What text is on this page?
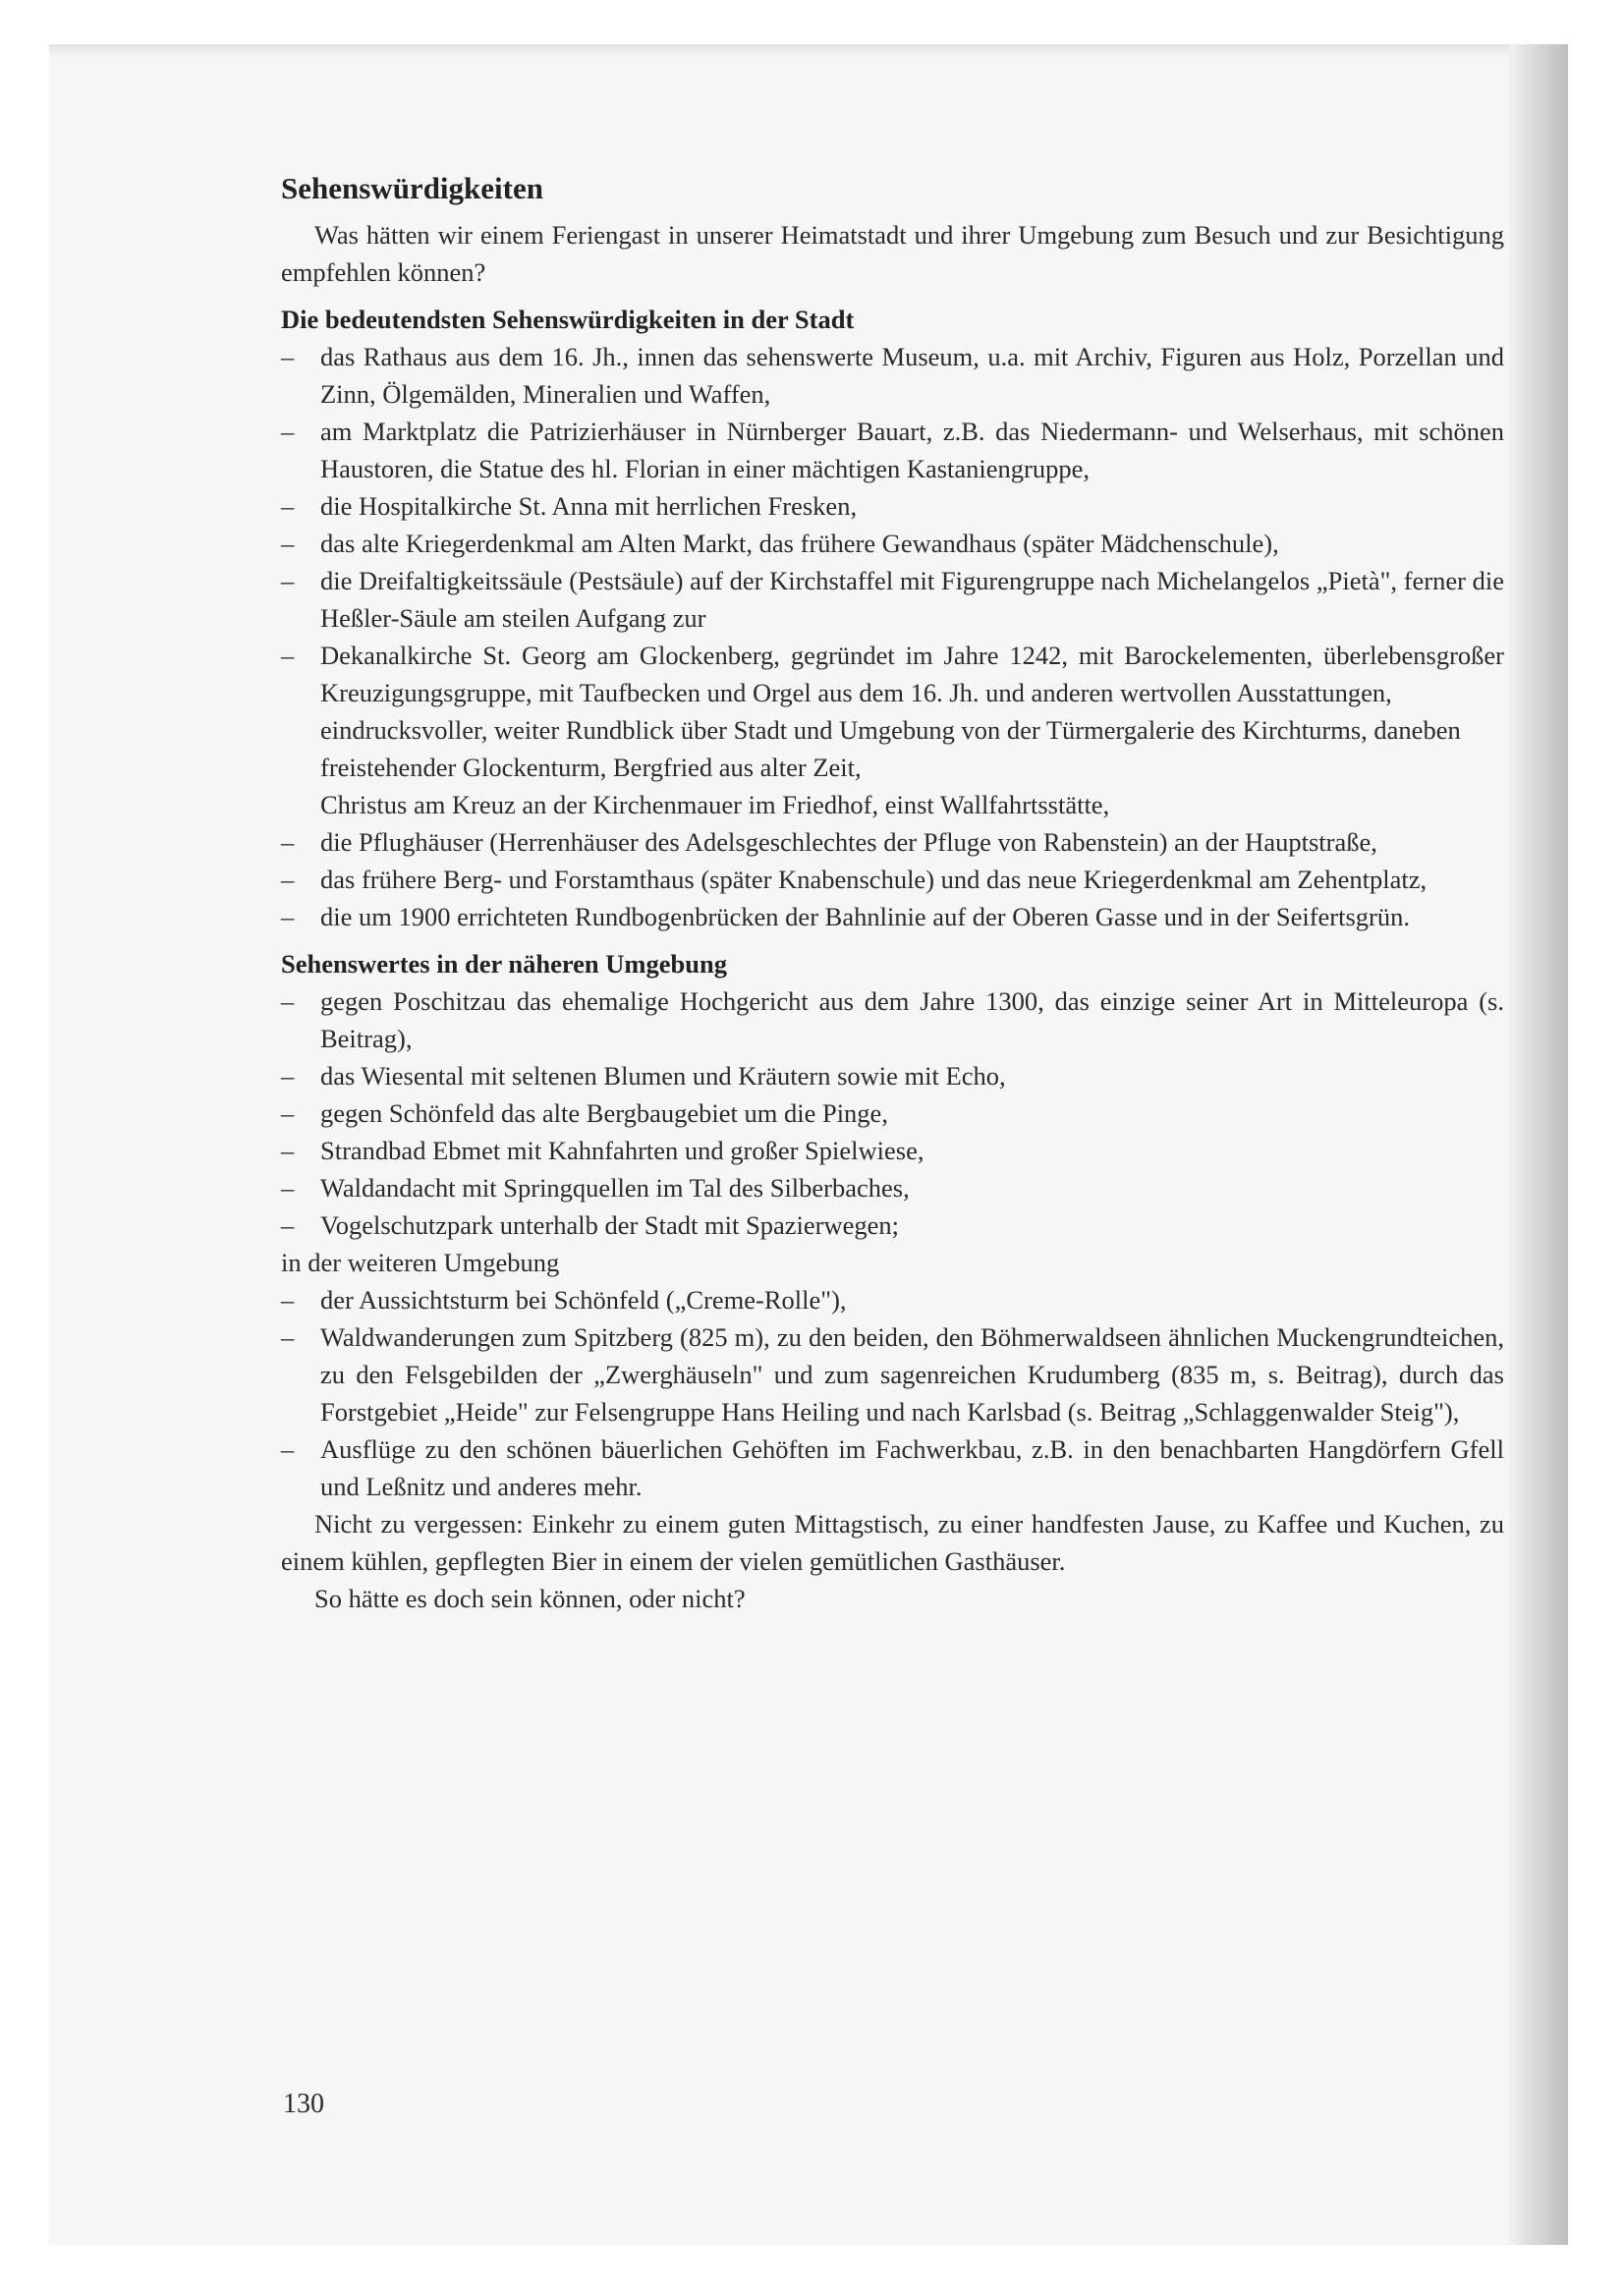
Sehenswürdigkeiten

Was hätten wir einem Feriengast in unserer Heimatstadt und ihrer Umgebung zum Besuch und zur Besichtigung empfehlen können?

Die bedeutendsten Sehenswürdigkeiten in der Stadt
– das Rathaus aus dem 16. Jh., innen das sehenswerte Museum, u.a. mit Archiv, Figuren aus Holz, Porzellan und Zinn, Ölgemälden, Mineralien und Waffen,
– am Marktplatz die Patrizierhäuser in Nürnberger Bauart, z.B. das Niedermann- und Welserhaus, mit schönen Haustoren, die Statue des hl. Florian in einer mächtigen Kastaniengruppe,
– die Hospitalkirche St. Anna mit herrlichen Fresken,
– das alte Kriegerdenkmal am Alten Markt, das frühere Gewandhaus (später Mädchenschule),
– die Dreifaltigkeitssäule (Pestsäule) auf der Kirchstaffel mit Figurengruppe nach Michelangelos „Pietà", ferner die Heßler-Säule am steilen Aufgang zur
– Dekanalkirche St. Georg am Glockenberg, gegründet im Jahre 1242, mit Barockelementen, überlebensgroßer Kreuzigungsgruppe, mit Taufbecken und Orgel aus dem 16. Jh. und anderen wertvollen Ausstattungen,
eindrucksvoller, weiter Rundblick über Stadt und Umgebung von der Türmergalerie des Kirchturms, daneben
freistehender Glockenturm, Bergfried aus alter Zeit,
Christus am Kreuz an der Kirchenmauer im Friedhof, einst Wallfahrtsstätte,
– die Pflughäuser (Herrenhäuser des Adelsgeschlechtes der Pfluge von Rabenstein) an der Hauptstraße,
– das frühere Berg- und Forstamthaus (später Knabenschule) und das neue Kriegerdenkmal am Zehentplatz,
– die um 1900 errichteten Rundbogenbrücken der Bahnlinie auf der Oberen Gasse und in der Seifertsgrün.
Sehenswertes in der näheren Umgebung
– gegen Poschitzau das ehemalige Hochgericht aus dem Jahre 1300, das einzige seiner Art in Mitteleuropa (s. Beitrag),
– das Wiesental mit seltenen Blumen und Kräutern sowie mit Echo,
– gegen Schönfeld das alte Bergbaugebiet um die Pinge,
– Strandbad Ebmet mit Kahnfahrten und großer Spielwiese,
– Waldandacht mit Springquellen im Tal des Silberbaches,
– Vogelschutzpark unterhalb der Stadt mit Spazierwegen;

in der weiteren Umgebung

– der Aussichtsturm bei Schönfeld („Creme-Rolle"),
– Waldwanderungen zum Spitzberg (825 m), zu den beiden, den Böhmerwaldseen ähnlichen Muckengrundteichen, zu den Felsgebilden der „Zwerghäuseln" und zum sagenreichen Krudumberg (835 m, s. Beitrag), durch das Forstgebiet „Heide" zur Felsengruppe Hans Heiling und nach Karlsbad (s. Beitrag „Schlaggenwalder Steig"),
– Ausflüge zu den schönen bäuerlichen Gehöften im Fachwerkbau, z.B. in den benachbarten Hangdörfern Gfell und Leßnitz und anderes mehr.

Nicht zu vergessen: Einkehr zu einem guten Mittagstisch, zu einer handfesten Jause, zu Kaffee und Kuchen, zu einem kühlen, gepflegten Bier in einem der vielen gemütlichen Gasthäuser.

So hätte es doch sein können, oder nicht?

130
